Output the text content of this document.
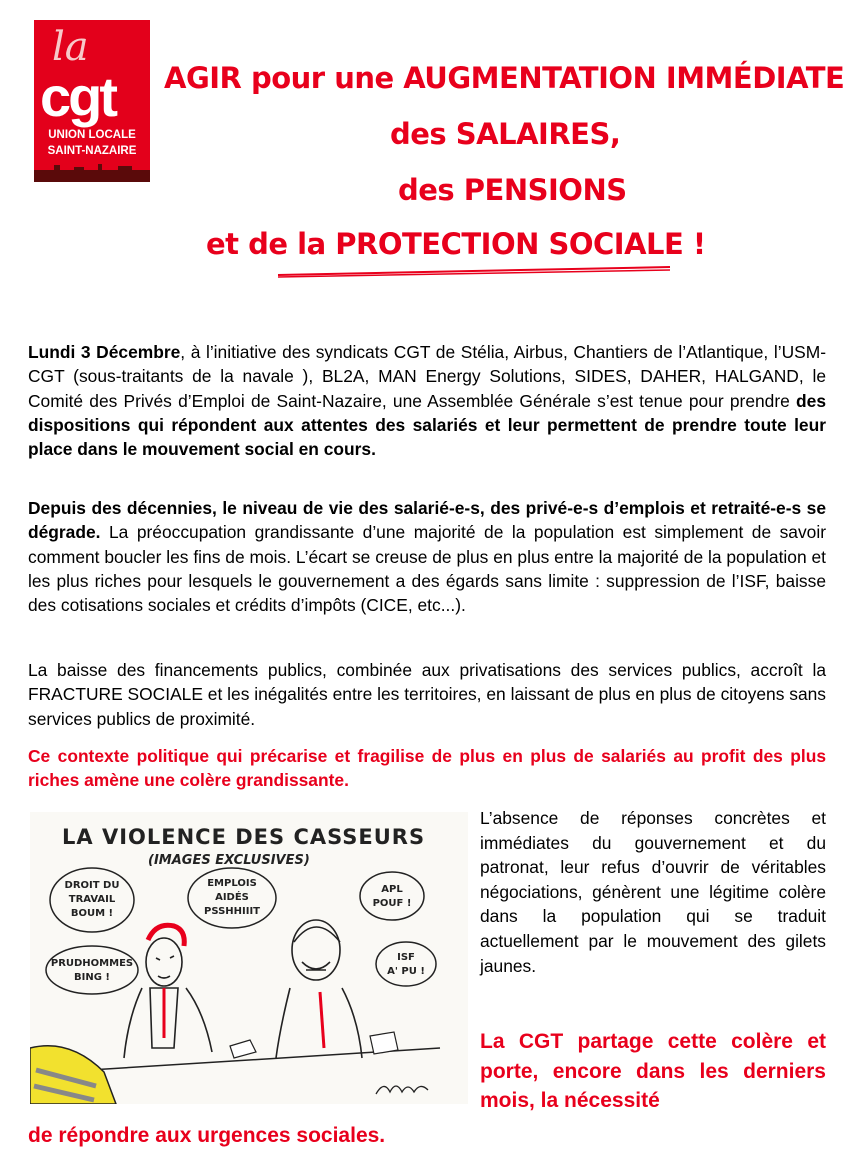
la
cgt
UNION LOCALE
SAINT-NAZAIRE
AGIR pour une AUGMENTATION IMMÉDIATE
des SALAIRES,
des PENSIONS
et de la PROTECTION SOCIALE !

Lundi 3 Décembre, à l’initiative des syndicats CGT de Stélia, Airbus, Chantiers de l’Atlantique, l’USM-CGT (sous-traitants de la navale ), BL2A, MAN Energy Solutions, SIDES, DAHER, HALGAND, le Comité des Privés d’Emploi de Saint-Nazaire, une Assemblée Générale s’est tenue pour prendre des dispositions qui répondent aux attentes des salariés et leur permettent de prendre toute leur place dans le mouvement social en cours.

Depuis des décennies, le niveau de vie des salarié-e-s, des privé-e-s d’emplois et retraité-e-s se dégrade. La préoccupation grandissante d’une majorité de la population est simplement de savoir comment boucler les fins de mois. L’écart se creuse de plus en plus entre la majorité de la population et les plus riches pour lesquels le gouvernement a des égards sans limite : suppression de l’ISF, baisse des cotisations sociales et crédits d’impôts (CICE, etc...).

La baisse des financements publics, combinée aux privatisations des services publics, accroît la FRACTURE SOCIALE et les inégalités entre les territoires, en laissant de plus en plus de citoyens sans services publics de proximité.

Ce contexte politique qui précarise et fragilise de plus en plus de salariés au profit des plus riches amène une colère grandissante.

LA VIOLENCE DES CASSEURS
(IMAGES EXCLUSIVES)
DROIT DU
TRAVAIL
BOUM !
EMPLOIS
AIDÉS
PSSHHIIIT
APL
POUF !
PRUDHOMMES
BING !
ISF
A' PU !

L’absence de réponses concrètes et immédiates du gouvernement et du patronat, leur refus d’ouvrir de véritables négociations, génèrent une légitime colère dans la population qui se traduit actuellement par le mouvement des gilets jaunes.

La CGT partage cette colère et porte, encore dans les derniers mois, la nécessité

de répondre aux urgences sociales.
